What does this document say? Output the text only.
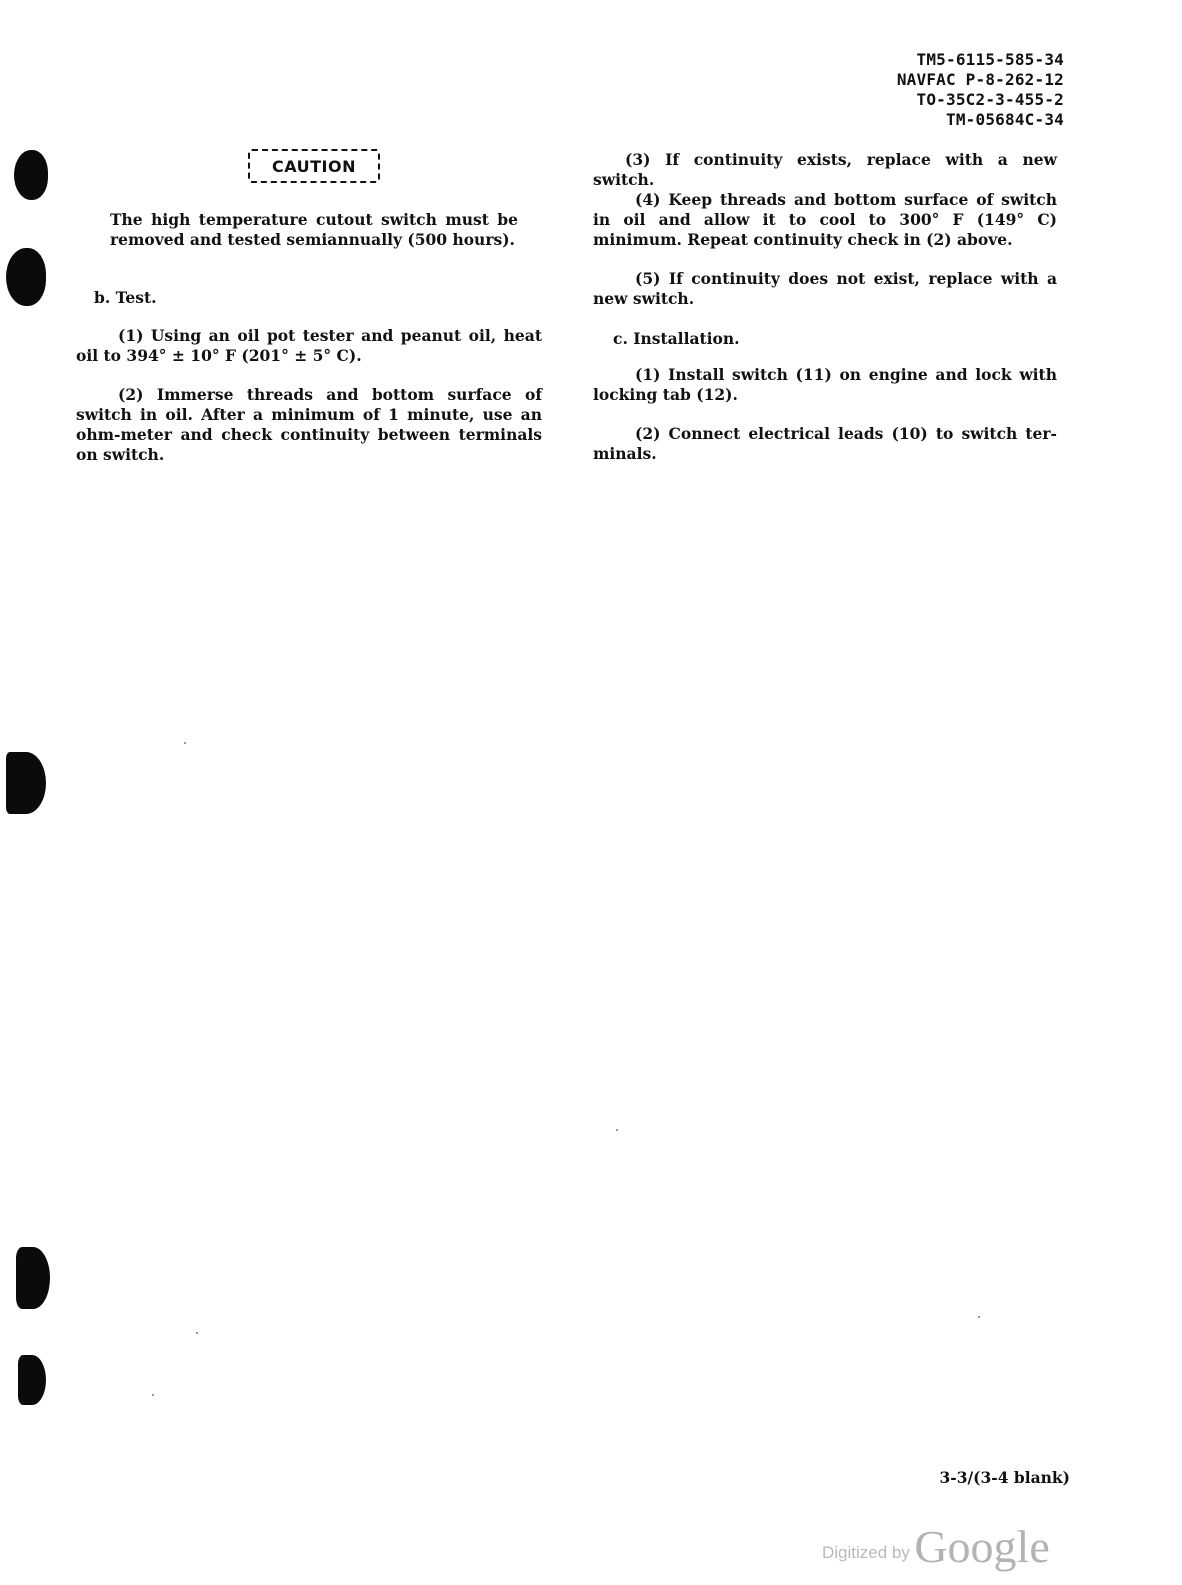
TM5-6115-585-34
NAVFAC P-8-262-12
TO-35C2-3-455-2
TM-05684C-34
CAUTION
The high temperature cutout switch must be removed and tested semiannually (500 hours).
b. Test.
(1) Using an oil pot tester and peanut oil, heat oil to 394° ± 10° F (201° ± 5° C).
(2) Immerse threads and bottom surface of switch in oil. After a minimum of 1 minute, use an ohm-meter and check continuity between terminals on switch.
(3) If continuity exists, replace with a new switch.
(4) Keep threads and bottom surface of switch in oil and allow it to cool to 300° F (149° C) minimum. Repeat continuity check in (2) above.
(5) If continuity does not exist, replace with a new switch.
c. Installation.
(1) Install switch (11) on engine and lock with locking tab (12).
(2) Connect electrical leads (10) to switch ter-minals.
3-3/(3-4 blank)
Digitized by Google
